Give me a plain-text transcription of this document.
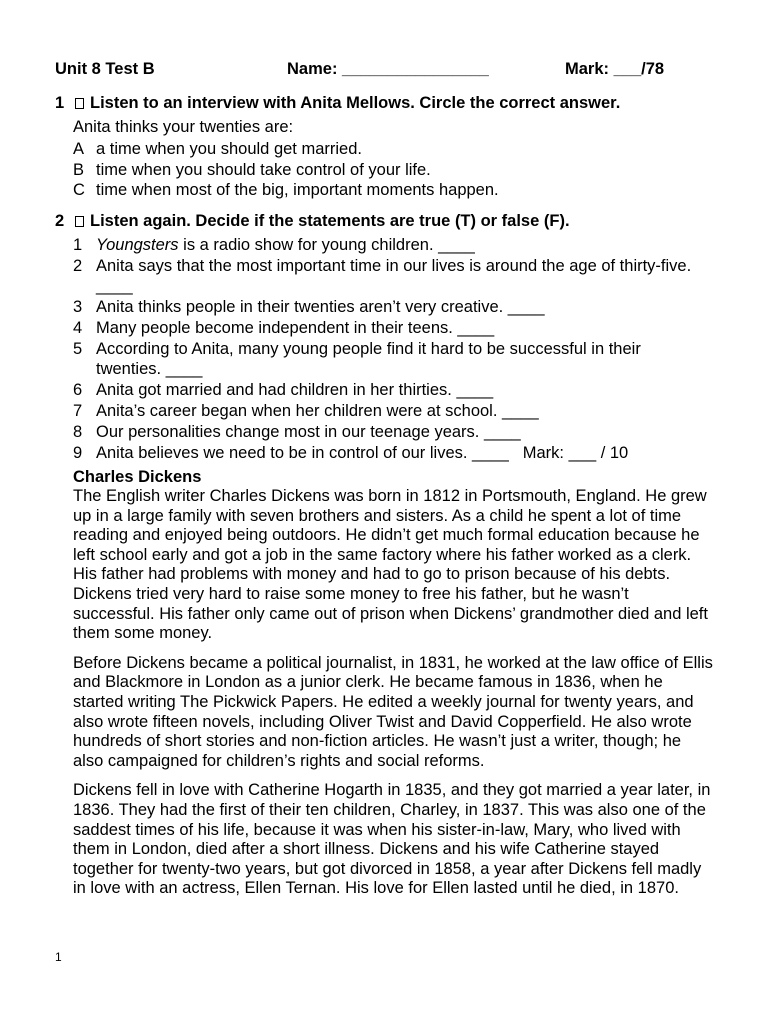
Unit 8 Test B	Name: ________________	Mark: ___/78
1 Listen to an interview with Anita Mellows. Circle the correct answer.
Anita thinks your twenties are:
A a time when you should get married.
B time when you should take control of your life.
C time when most of the big, important moments happen.
2 Listen again. Decide if the statements are true (T) or false (F).
1 Youngsters is a radio show for young children. ____
2 Anita says that the most important time in our lives is around the age of thirty-five. ____
3 Anita thinks people in their twenties aren’t very creative. ____
4 Many people become independent in their teens. ____
5 According to Anita, many young people find it hard to be successful in their twenties. ____
6 Anita got married and had children in her thirties. ____
7 Anita’s career began when her children were at school. ____
8 Our personalities change most in our teenage years. ____
9 Anita believes we need to be in control of our lives. ____ Mark: ___ / 10
Charles Dickens

The English writer Charles Dickens was born in 1812 in Portsmouth, England. He grew up in a large family with seven brothers and sisters. As a child he spent a lot of time reading and enjoyed being outdoors. He didn’t get much formal education because he left school early and got a job in the same factory where his father worked as a clerk. His father had problems with money and had to go to prison because of his debts. Dickens tried very hard to raise some money to free his father, but he wasn’t successful. His father only came out of prison when Dickens’ grandmother died and left them some money.

Before Dickens became a political journalist, in 1831, he worked at the law office of Ellis and Blackmore in London as a junior clerk. He became famous in 1836, when he started writing The Pickwick Papers. He edited a weekly journal for twenty years, and also wrote fifteen novels, including Oliver Twist and David Copperfield. He also wrote hundreds of short stories and non-fiction articles. He wasn’t just a writer, though; he also campaigned for children’s rights and social reforms.

Dickens fell in love with Catherine Hogarth in 1835, and they got married a year later, in 1836. They had the first of their ten children, Charley, in 1837. This was also one of the saddest times of his life, because it was when his sister-in-law, Mary, who lived with them in London, died after a short illness. Dickens and his wife Catherine stayed together for twenty-two years, but got divorced in 1858, a year after Dickens fell madly in love with an actress, Ellen Ternan. His love for Ellen lasted until he died, in 1870.

1
